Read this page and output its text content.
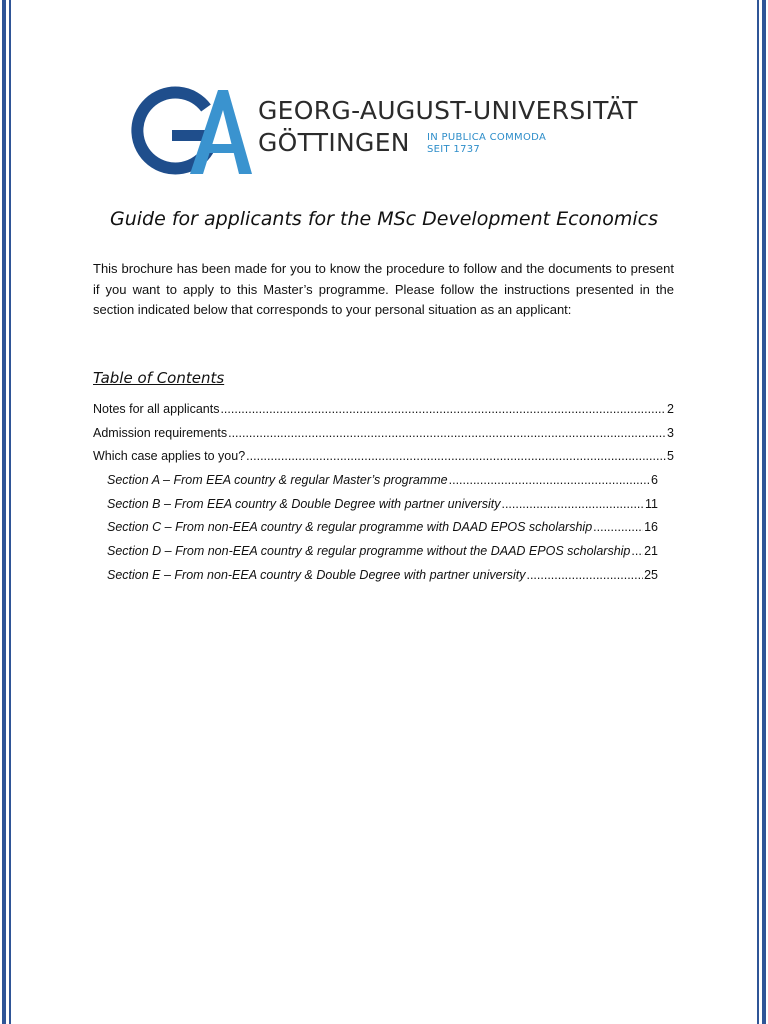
GEORG-AUGUST-UNIVERSITÄT
GÖTTINGEN IN PUBLICA COMMODA
SEIT 1737
Guide for applicants for the MSc Development Economics

This brochure has been made for you to know the procedure to follow and the documents to present if you want to apply to this Master’s programme. Please follow the instructions presented in the section indicated below that corresponds to your personal situation as an applicant:

Table of Contents
Notes for all applicants .....	2
Admission requirements .....	3
Which case applies to you? .....	5
Section A – From EEA country & regular Master’s programme .....	6
Section B – From EEA country & Double Degree with partner university .....	11
Section C – From non-EEA country & regular programme with DAAD EPOS scholarship .....	16
Section D – From non-EEA country & regular programme without the DAAD EPOS scholarship ..... 21
Section E – From non-EEA country & Double Degree with partner university .....	25
